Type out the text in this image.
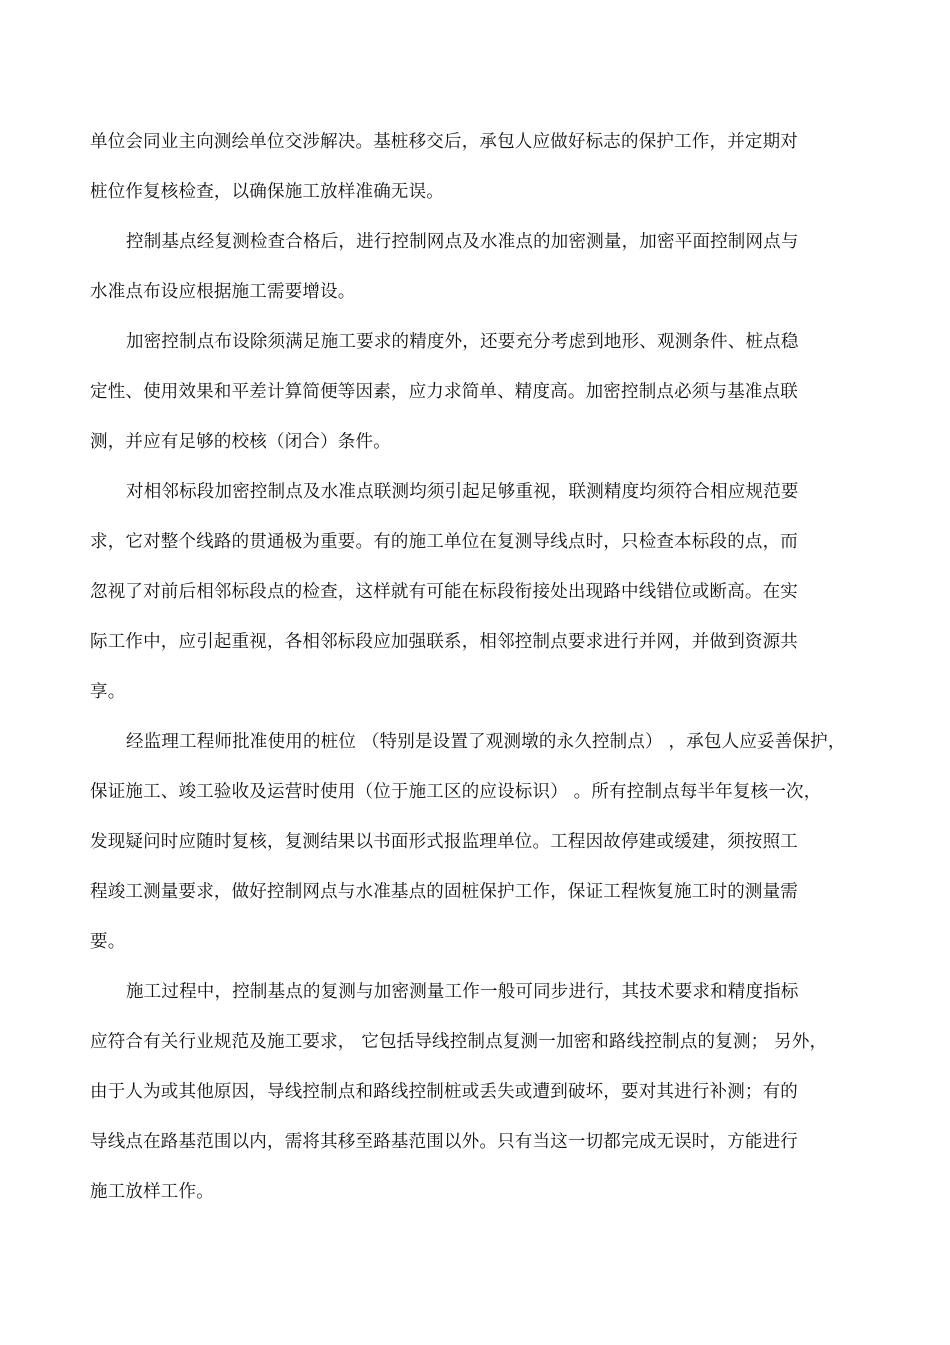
单位会同业主向测绘单位交涉解决。基桩移交后，承包人应做好标志的保护工作，并定期对
桩位作复核检查，以确保施工放样准确无误。
控制基点经复测检查合格后，进行控制网点及水准点的加密测量，加密平面控制网点与
水准点布设应根据施工需要增设。
加密控制点布设除须满足施工要求的精度外，还要充分考虑到地形、观测条件、桩点稳
定性、使用效果和平差计算简便等因素，应力求简单、精度高。加密控制点必须与基准点联
测，并应有足够的校核（闭合）条件。
对相邻标段加密控制点及水准点联测均须引起足够重视，联测精度均须符合相应规范要
求，它对整个线路的贯通极为重要。有的施工单位在复测导线点时，只检查本标段的点，而
忽视了对前后相邻标段点的检查，这样就有可能在标段衔接处出现路中线错位或断高。在实
际工作中，应引起重视，各相邻标段应加强联系，相邻控制点要求进行并网，并做到资源共
享。
经监理工程师批准使用的桩位 （特别是设置了观测墩的永久控制点） ，承包人应妥善保护，
保证施工、竣工验收及运营时使用（位于施工区的应设标识） 。所有控制点每半年复核一次，
发现疑问时应随时复核，复测结果以书面形式报监理单位。工程因故停建或缓建，须按照工
程竣工测量要求，做好控制网点与水准基点的固桩保护工作，保证工程恢复施工时的测量需
要。
施工过程中，控制基点的复测与加密测量工作一般可同步进行，其技术要求和精度指标
应符合有关行业规范及施工要求， 它包括导线控制点复测一加密和路线控制点的复测； 另外，
由于人为或其他原因，导线控制点和路线控制桩或丢失或遭到破坏，要对其进行补测；有的
导线点在路基范围以内，需将其移至路基范围以外。只有当这一切都完成无误时，方能进行
施工放样工作。
